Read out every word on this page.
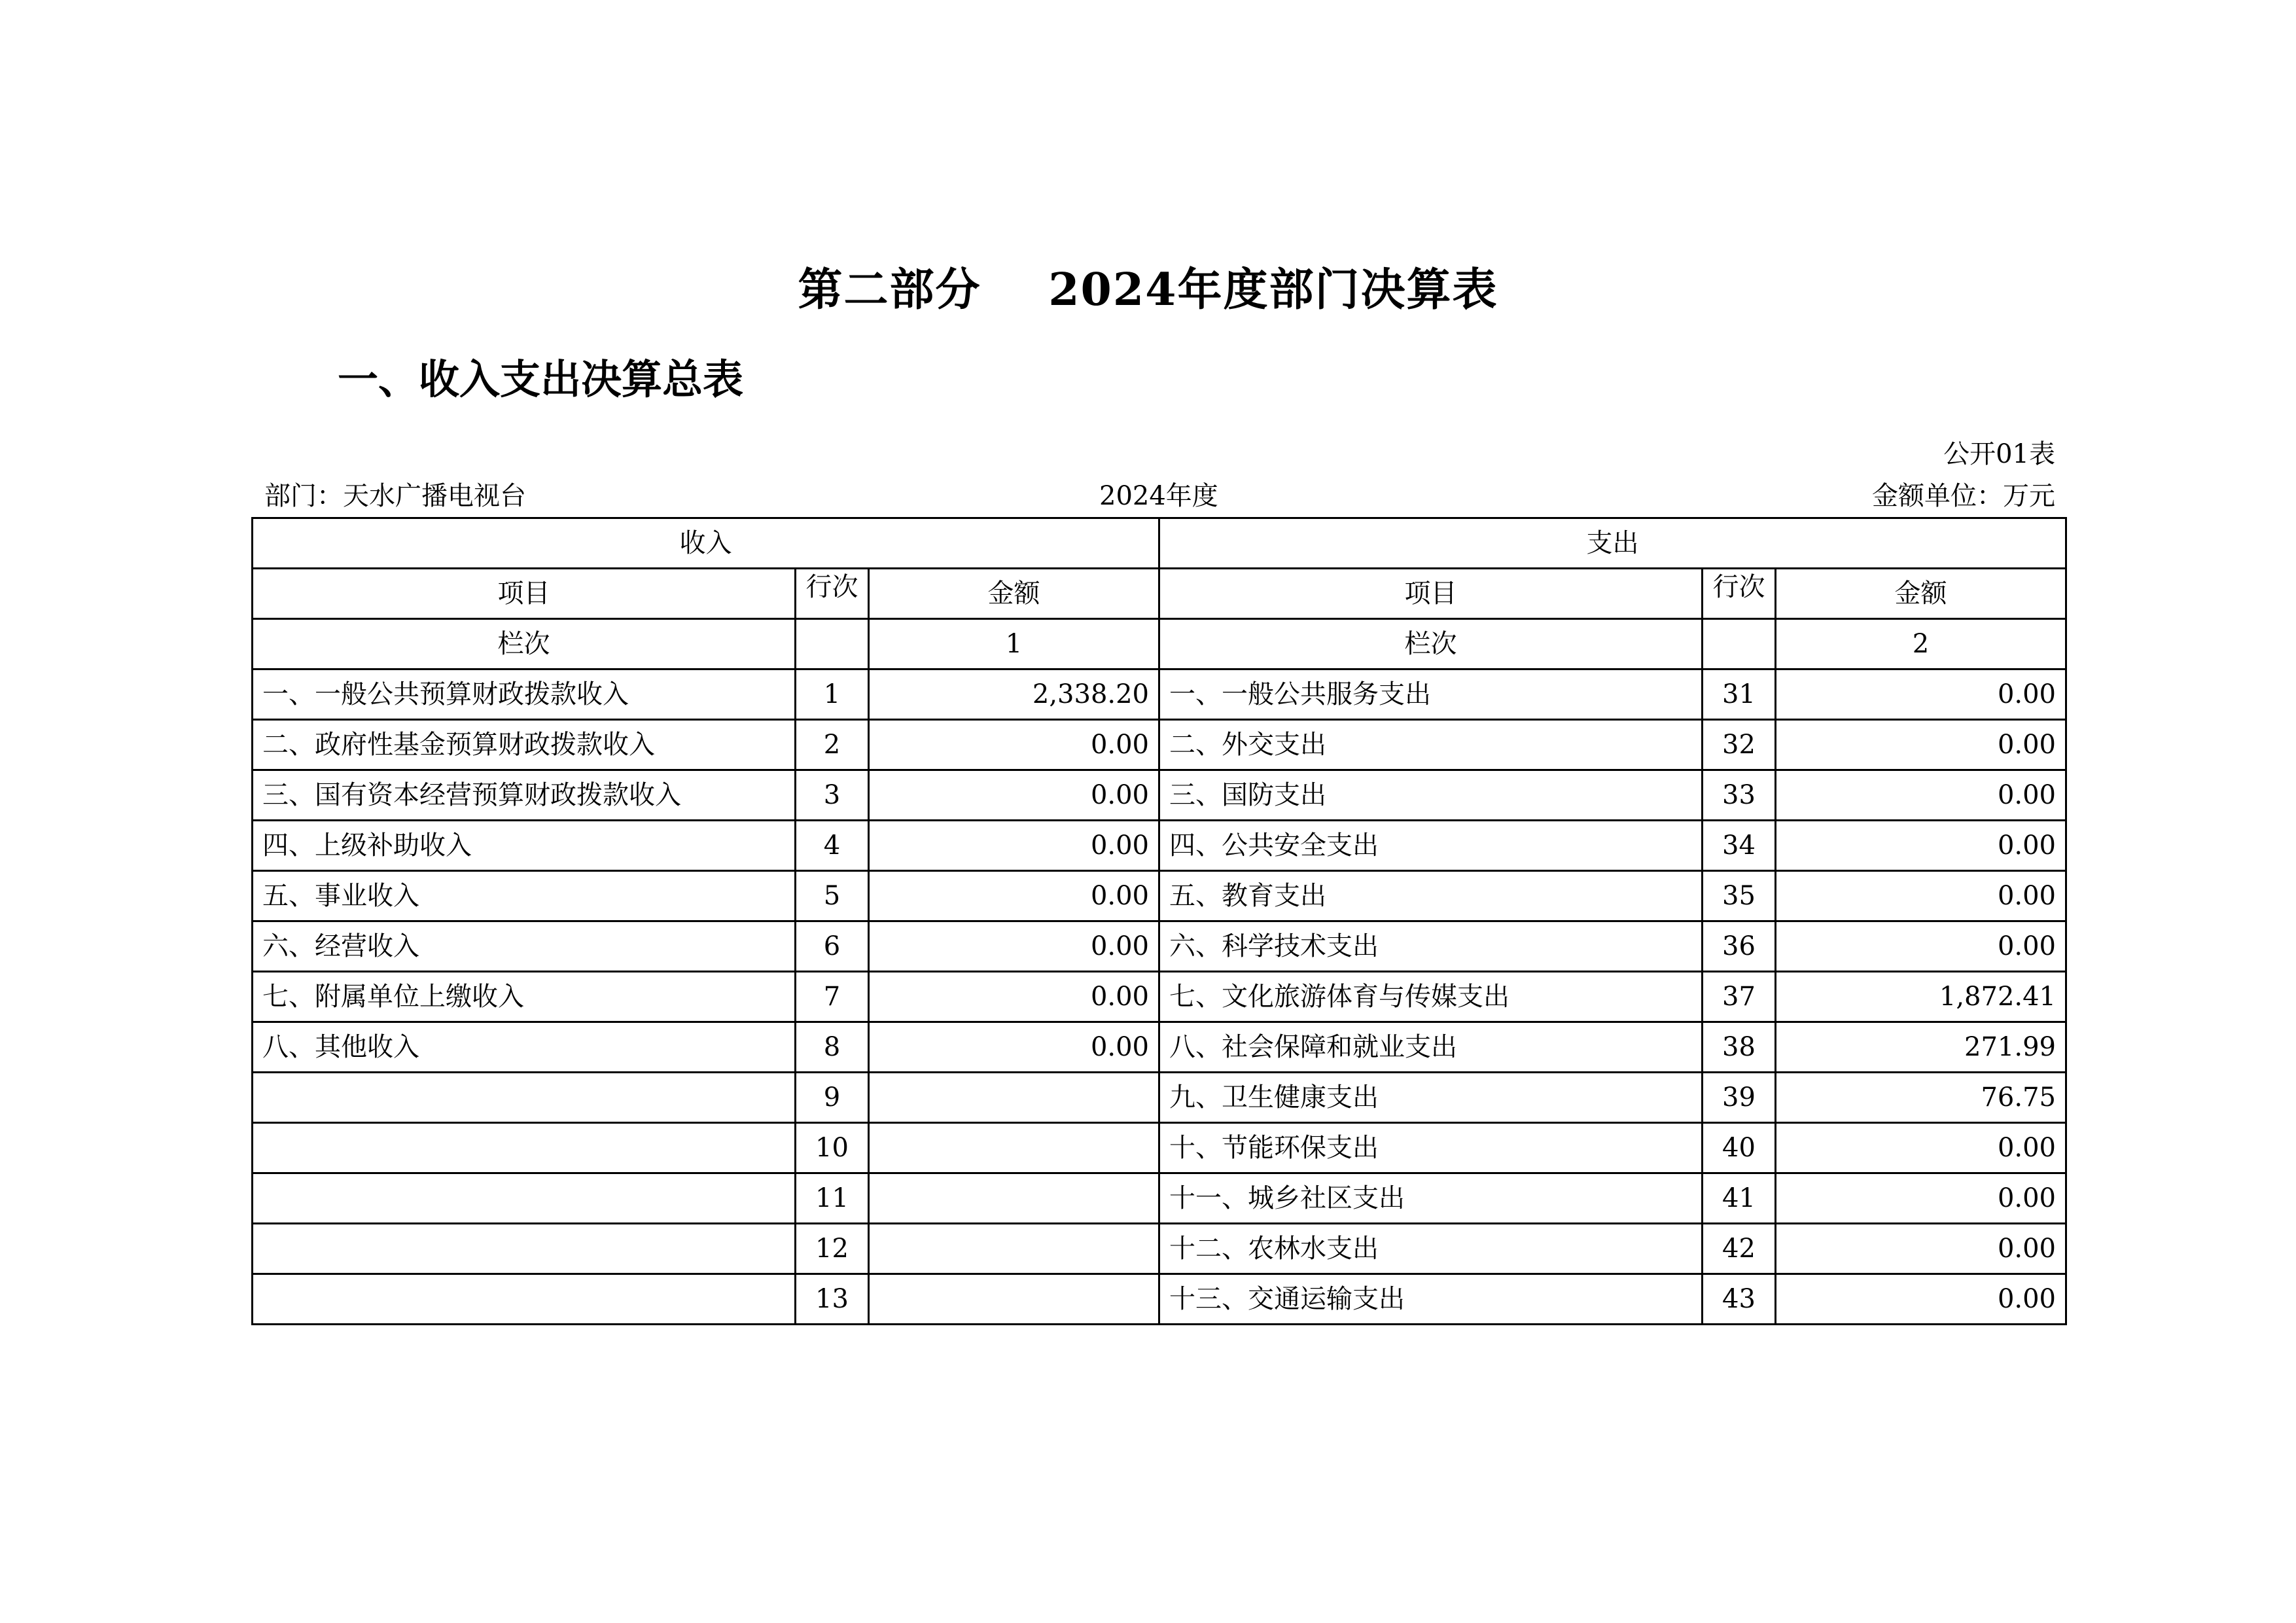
第二部分    2024年度部门决算表
一、收入支出决算总表
公开01表
部门：天水广播电视台	2024年度	金额单位：万元
收入			支出		
项目	行次	金额	项目	行次	金额
栏次		1	栏次		2
一、一般公共预算财政拨款收入	1	2,338.20	一、一般公共服务支出	31	0.00
二、政府性基金预算财政拨款收入	2	0.00	二、外交支出	32	0.00
三、国有资本经营预算财政拨款收入	3	0.00	三、国防支出	33	0.00
四、上级补助收入	4	0.00	四、公共安全支出	34	0.00
五、事业收入	5	0.00	五、教育支出	35	0.00
六、经营收入	6	0.00	六、科学技术支出	36	0.00
七、附属单位上缴收入	7	0.00	七、文化旅游体育与传媒支出	37	1,872.41
八、其他收入	8	0.00	八、社会保障和就业支出	38	271.99
	9		九、卫生健康支出	39	76.75
	10		十、节能环保支出	40	0.00
	11		十一、城乡社区支出	41	0.00
	12		十二、农林水支出	42	0.00
	13		十三、交通运输支出	43	0.00
